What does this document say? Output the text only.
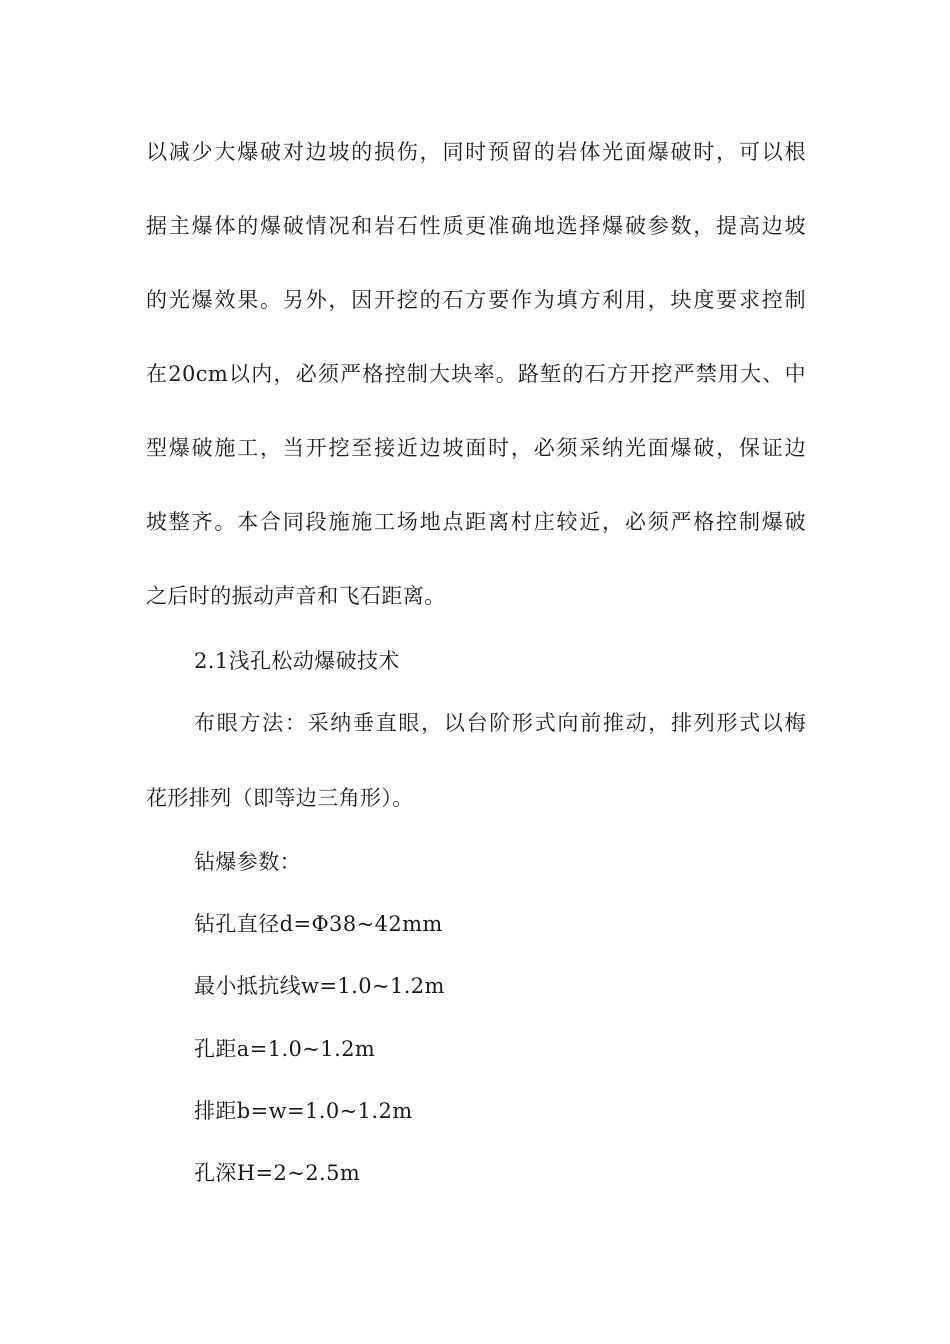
以减少大爆破对边坡的损伤，同时预留的岩体光面爆破时，可以根
据主爆体的爆破情况和岩石性质更准确地选择爆破参数，提高边坡
的光爆效果。另外，因开挖的石方要作为填方利用，块度要求控制
在20cm以内，必须严格控制大块率。路堑的石方开挖严禁用大、中
型爆破施工，当开挖至接近边坡面时，必须采纳光面爆破，保证边
坡整齐。本合同段施施工场地点距离村庄较近，必须严格控制爆破
之后时的振动声音和飞石距离。
2.1浅孔松动爆破技术
布眼方法：采纳垂直眼，以台阶形式向前推动，排列形式以梅
花形排列（即等边三角形）。
钻爆参数：
钻孔直径d=Φ38~42mm
最小抵抗线w=1.0~1.2m
孔距a=1.0~1.2m
排距b=w=1.0~1.2m
孔深H=2~2.5m
